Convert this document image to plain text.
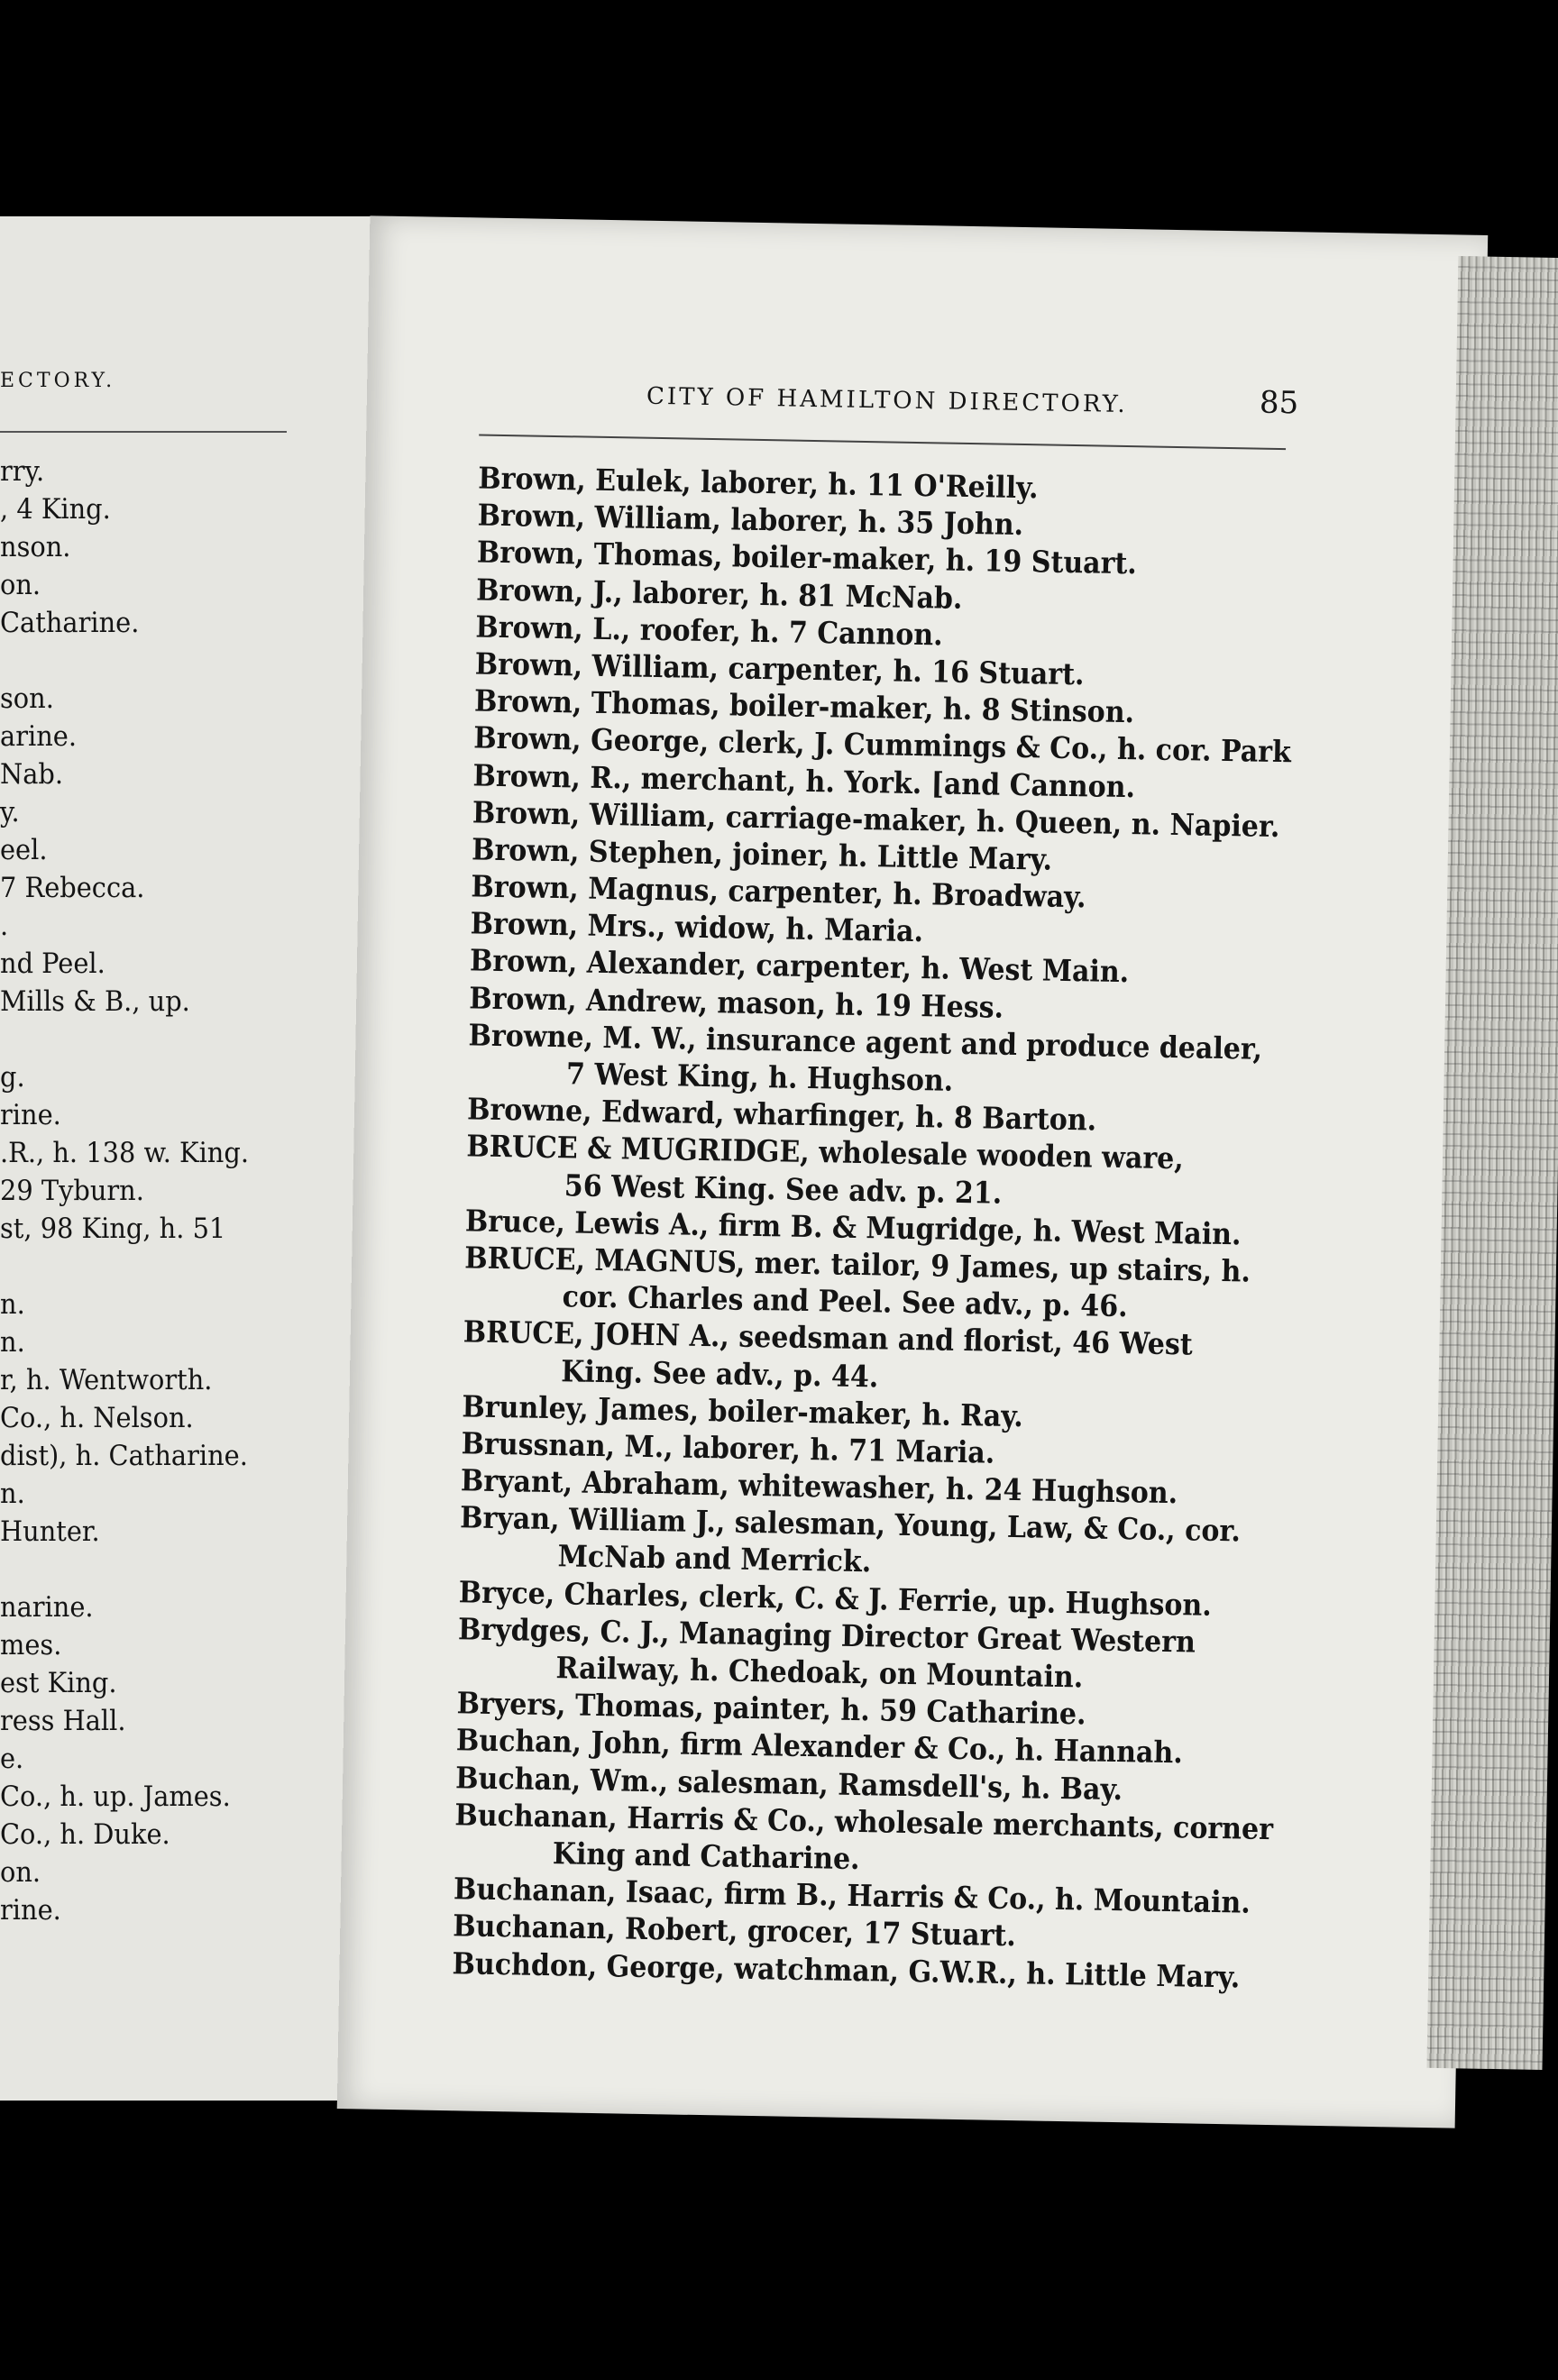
ECTORY.
rry.
, 4 King.
nson.
on.
Catharine.
son.
arine.
Nab.
y.
eel.
7 Rebecca.
.
nd Peel.
Mills & B., up.
g.
rine.
.R., h. 138 w. King.
29 Tyburn.
st, 98 King, h. 51
n.
n.
r, h. Wentworth.
Co., h. Nelson.
dist), h. Catharine.
n.
Hunter.
narine.
mes.
est King.
ress Hall.
e.
Co., h. up. James.
Co., h. Duke.
on.
rine.
CITY OF HAMILTON DIRECTORY.	85
Brown, Eulek, laborer, h. 11 O'Reilly.
Brown, William, laborer, h. 35 John.
Brown, Thomas, boiler-maker, h. 19 Stuart.
Brown, J., laborer, h. 81 McNab.
Brown, L., roofer, h. 7 Cannon.
Brown, William, carpenter, h. 16 Stuart.
Brown, Thomas, boiler-maker, h. 8 Stinson.
Brown, George, clerk, J. Cummings & Co., h. cor. Park
Brown, R., merchant, h. York. [and Cannon.
Brown, William, carriage-maker, h. Queen, n. Napier.
Brown, Stephen, joiner, h. Little Mary.
Brown, Magnus, carpenter, h. Broadway.
Brown, Mrs., widow, h. Maria.
Brown, Alexander, carpenter, h. West Main.
Brown, Andrew, mason, h. 19 Hess.
Browne, M. W., insurance agent and produce dealer,
7 West King, h. Hughson.
Browne, Edward, wharfinger, h. 8 Barton.
BRUCE & MUGRIDGE, wholesale wooden ware,
56 West King. See adv. p. 21.
Bruce, Lewis A., firm B. & Mugridge, h. West Main.
BRUCE, MAGNUS, mer. tailor, 9 James, up stairs, h.
cor. Charles and Peel. See adv., p. 46.
BRUCE, JOHN A., seedsman and florist, 46 West
King. See adv., p. 44.
Brunley, James, boiler-maker, h. Ray.
Brussnan, M., laborer, h. 71 Maria.
Bryant, Abraham, whitewasher, h. 24 Hughson.
Bryan, William J., salesman, Young, Law, & Co., cor.
McNab and Merrick.
Bryce, Charles, clerk, C. & J. Ferrie, up. Hughson.
Brydges, C. J., Managing Director Great Western
Railway, h. Chedoak, on Mountain.
Bryers, Thomas, painter, h. 59 Catharine.
Buchan, John, firm Alexander & Co., h. Hannah.
Buchan, Wm., salesman, Ramsdell's, h. Bay.
Buchanan, Harris & Co., wholesale merchants, corner
King and Catharine.
Buchanan, Isaac, firm B., Harris & Co., h. Mountain.
Buchanan, Robert, grocer, 17 Stuart.
Buchdon, George, watchman, G.W.R., h. Little Mary.
